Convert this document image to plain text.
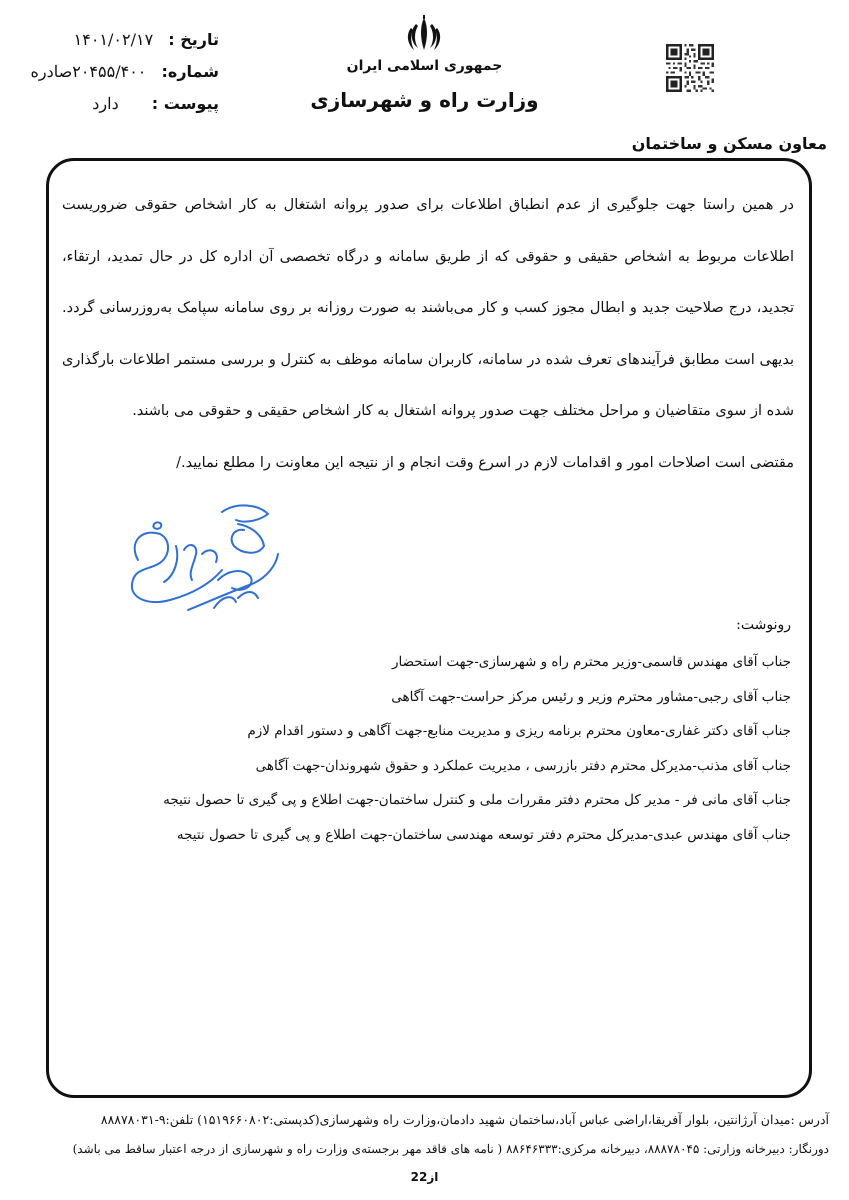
تاریخ : ۱۴۰۱/۰۲/۱۷
شماره: ۲۰۴۵۵/۴۰۰صادره
پیوست : دارد
جمهوری اسلامی ایران
وزارت راه و شهرسازی
معاون مسکن و ساختمان

در همین راستا جهت جلوگیری از عدم انطباق اطلاعات برای صدور پروانه اشتغال به کار اشخاص حقوقی ضروریست اطلاعات مربوط به اشخاص حقیقی و حقوقی که از طریق سامانه و درگاه تخصصی آن اداره کل در حال تمدید، ارتقاء، تجدید، درج صلاحیت جدید و ابطال مجوز کسب و کار می‌باشند به صورت روزانه بر روی سامانه سپامک به‌روزرسانی گردد. بدیهی است مطابق فرآیندهای تعرف شده در سامانه، کاربران سامانه موظف به کنترل و بررسی مستمر اطلاعات بارگذاری شده از سوی متقاضیان و مراحل مختلف جهت صدور پروانه اشتغال به کار اشخاص حقیقی و حقوقی می باشند.

مقتضی است اصلاحات امور و اقدامات لازم در اسرع وقت انجام و از نتیجه این معاونت را مطلع نمایید./

رونوشت:
جناب آقای مهندس قاسمی-وزیر محترم راه و شهرسازی-جهت استحضار
جناب آقای رجبی-مشاور محترم وزیر و رئیس مرکز حراست-جهت آگاهی
جناب آقای دکتر غفاری-معاون محترم برنامه ریزی و مدیریت منابع-جهت آگاهی و دستور اقدام لازم
جناب آقای مذنب-مدیرکل محترم دفتر بازرسی ، مدیریت عملکرد و حقوق شهروندان-جهت آگاهی
جناب آقای مانی فر - مدیر کل محترم دفتر مقررات ملی و کنترل ساختمان-جهت اطلاع و پی گیری تا حصول نتیجه
جناب آقای مهندس عبدی-مدیرکل محترم دفتر توسعه مهندسی ساختمان-جهت اطلاع و پی گیری تا حصول نتیجه
آدرس :میدان آرژانتین، بلوار آفریقا،اراضی عباس آباد،ساختمان شهید دادمان،وزارت راه وشهرسازی(کدپستی:۱۵۱۹۶۶۰۸۰۲) تلفن:۹-۸۸۸۷۸۰۳۱
دورنگار: دبیرخانه وزارتی: ۸۸۸۷۸۰۴۵، دبیرخانه مرکزی:۸۸۶۴۶۳۳۳ ( نامه های فاقد مهر برجسته‌ی وزارت راه و شهرسازی از درجه اعتبار ساقط می باشد)
2از2
